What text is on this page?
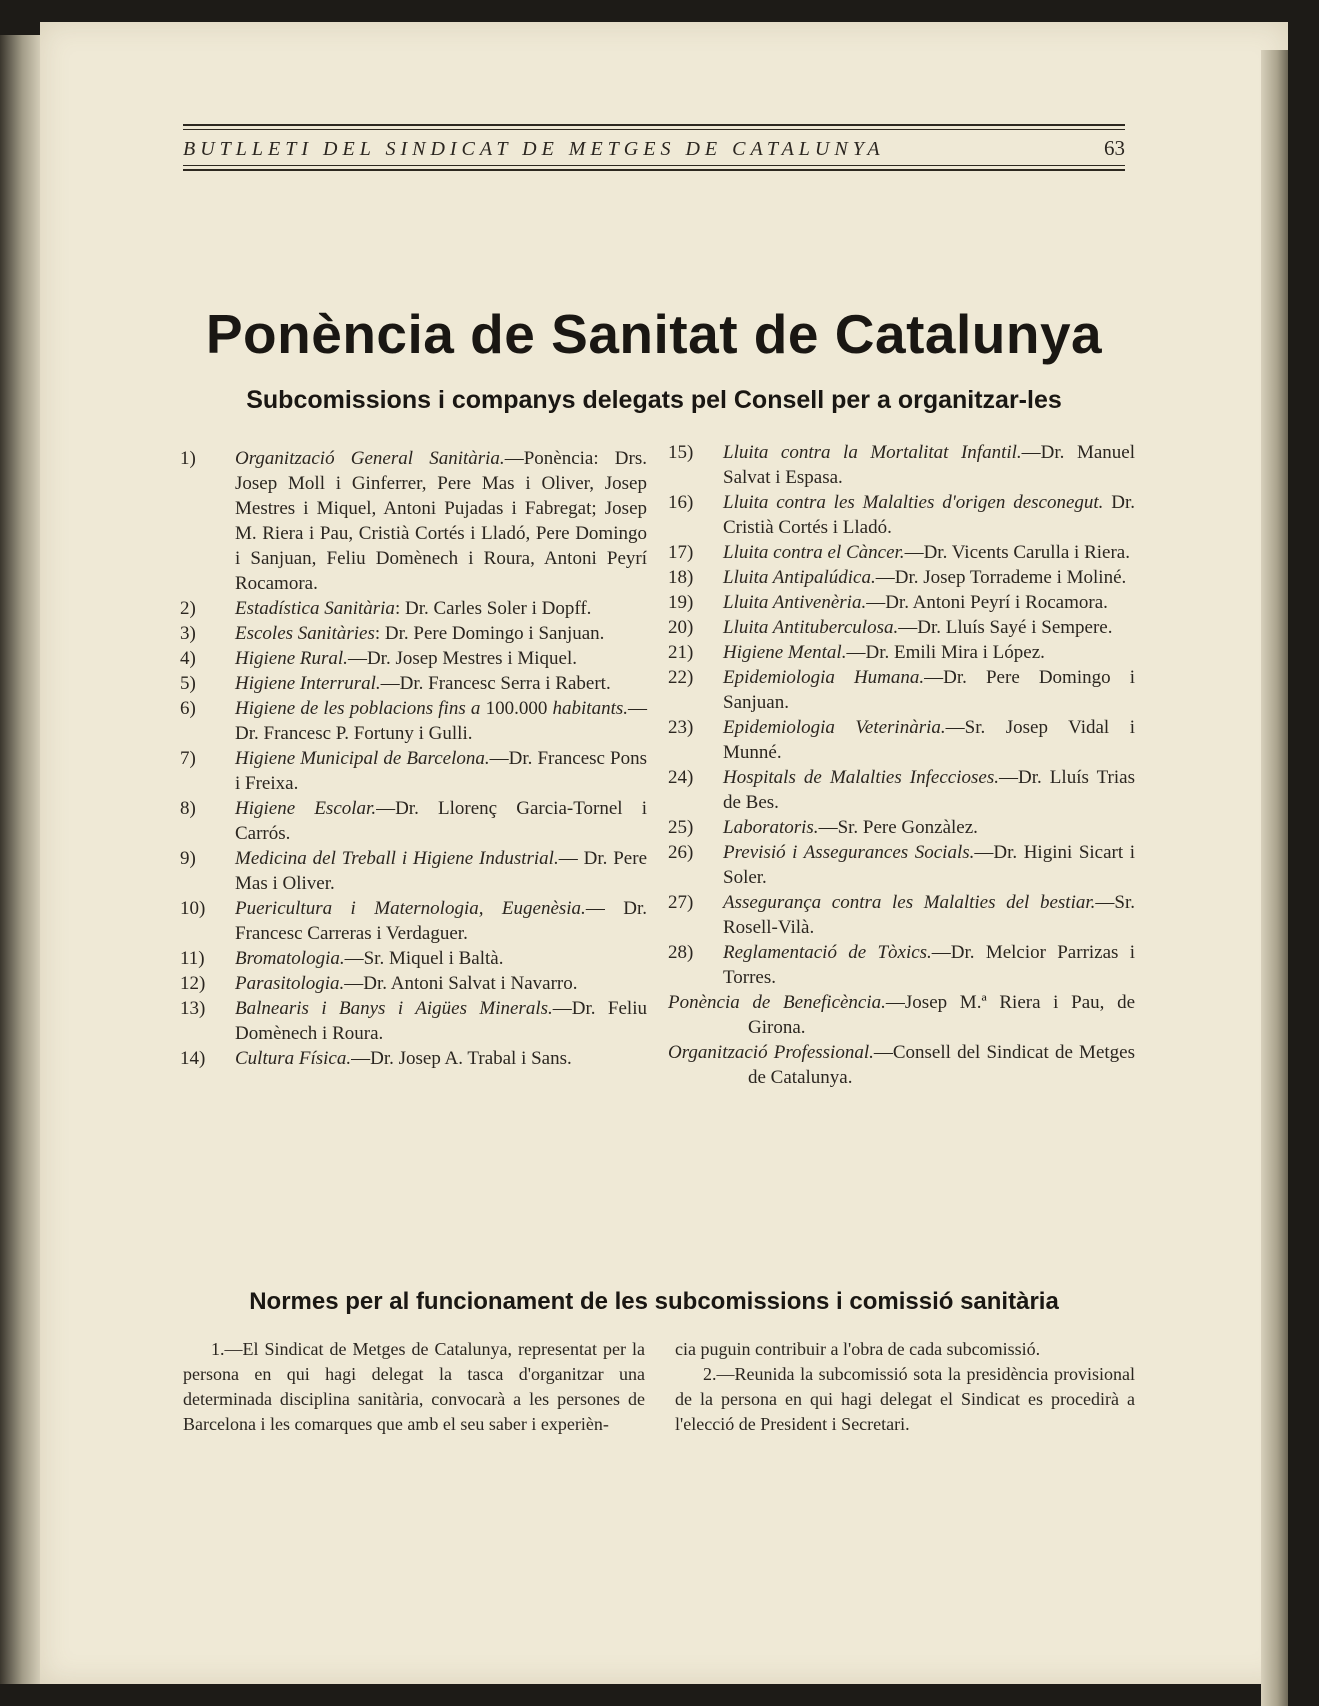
BUTLLETI DEL SINDICAT DE METGES DE CATALUNYA	63
Ponència de Sanitat de Catalunya
Subcomissions i companys delegats pel Consell per a organitzar-les
1) Organització General Sanitària.—Ponència: Drs. Josep Moll i Ginferrer, Pere Mas i Oliver, Josep Mestres i Miquel, Antoni Pujadas i Fabregat; Josep M. Riera i Pau, Cristià Cortés i Lladó, Pere Domingo i Sanjuan, Feliu Domènech i Roura, Antoni Peyrí Rocamora.
2) Estadística Sanitària: Dr. Carles Soler i Dopff.
3) Escoles Sanitàries: Dr. Pere Domingo i Sanjuan.
4) Higiene Rural.—Dr. Josep Mestres i Miquel.
5) Higiene Interrural.—Dr. Francesc Serra i Rabert.
6) Higiene de les poblacions fins a 100.000 habitants.—Dr. Francesc P. Fortuny i Gulli.
7) Higiene Municipal de Barcelona.—Dr. Francesc Pons i Freixa.
8) Higiene Escolar.—Dr. Llorenç Garcia-Tornel i Carrós.
9) Medicina del Treball i Higiene Industrial.— Dr. Pere Mas i Oliver.
10) Puericultura i Maternologia, Eugenèsia.— Dr. Francesc Carreras i Verdaguer.
11) Bromatologia.—Sr. Miquel i Baltà.
12) Parasitologia.—Dr. Antoni Salvat i Navarro.
13) Balnearis i Banys i Aigües Minerals.—Dr. Feliu Domènech i Roura.
14) Cultura Física.—Dr. Josep A. Trabal i Sans.
15) Lluita contra la Mortalitat Infantil.—Dr. Manuel Salvat i Espasa.
16) Lluita contra les Malalties d'origen desconegut. Dr. Cristià Cortés i Lladó.
17) Lluita contra el Càncer.—Dr. Vicents Carulla i Riera.
18) Lluita Antipalúdica.—Dr. Josep Torrademe i Moliné.
19) Lluita Antivenèria.—Dr. Antoni Peyrí i Rocamora.
20) Lluita Antituberculosa.—Dr. Lluís Sayé i Sempere.
21) Higiene Mental.—Dr. Emili Mira i López.
22) Epidemiologia Humana.—Dr. Pere Domingo i Sanjuan.
23) Epidemiologia Veterinària.—Sr. Josep Vidal i Munné.
24) Hospitals de Malalties Infeccioses.—Dr. Lluís Trias de Bes.
25) Laboratoris.—Sr. Pere Gonzàlez.
26) Previsió i Assegurances Socials.—Dr. Higini Sicart i Soler.
27) Assegurança contra les Malalties del bestiar.—Sr. Rosell-Vilà.
28) Reglamentació de Tòxics.—Dr. Melcior Parrizas i Torres.
Ponència de Beneficència.—Josep M.ª Riera i Pau, de Girona.
Organització Professional.—Consell del Sindicat de Metges de Catalunya.
Normes per al funcionament de les subcomissions i comissió sanitària
1.—El Sindicat de Metges de Catalunya, representat per la persona en qui hagi delegat la tasca d'organitzar una determinada disciplina sanitària, convocarà a les persones de Barcelona i les comarques que amb el seu saber i experièn-
cia puguin contribuir a l'obra de cada subcomissió.
2.—Reunida la subcomissió sota la presidència provisional de la persona en qui hagi delegat el Sindicat es procedirà a l'elecció de President i Secretari.
